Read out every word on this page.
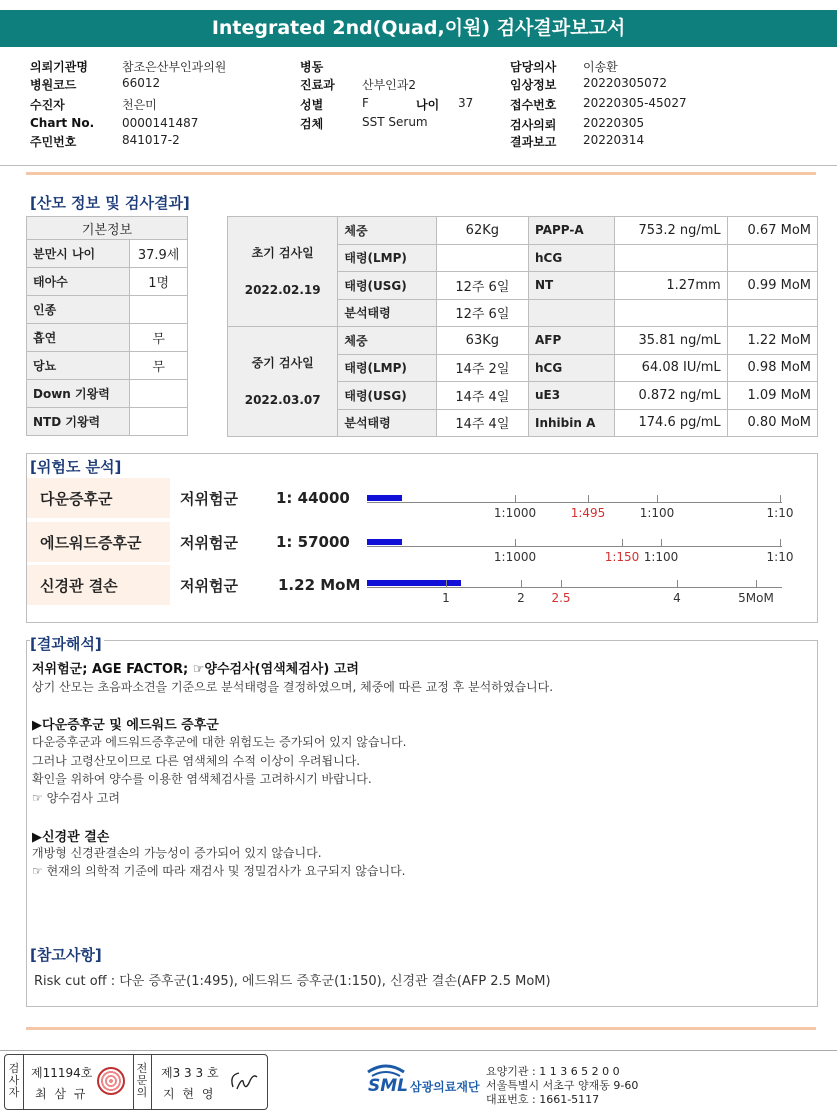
Integrated 2nd(Quad,이원) 검사결과보고서
의뢰기관명	참조은산부인과의원
병원코드	66012
수진자	천은미
Chart No. 0000141487
주민번호	841017-2
병동
진료과 산부인과2
성별	F
검체	SST Serum
나이 37
담당의사 이송환
임상정보 20220305072
접수번호 20220305-45027
검사의뢰 20220305
결과보고 20220314
[산모 정보 및 검사결과]
기본정보	
분만시 나이	37.9세
태아수	1명
인종	
흡연	무
당뇨	무
Down 기왕력	
NTD 기왕력	
초기 검사일
2022.02.19	체중	62Kg	PAPP-A	753.2 ng/mL	0.67 MoM
	태령(LMP)		hCG		
	태령(USG)	12주 6일	NT	1.27mm	0.99 MoM
	분석태령	12주 6일			

중기 검사일
2022.03.07	체중	63Kg	AFP	35.81 ng/mL	1.22 MoM
	태령(LMP)	14주 2일	hCG	64.08 IU/mL	0.98 MoM
	태령(USG)	14주 4일	uE3	0.872 ng/mL	1.09 MoM
	분석태령	14주 4일	Inhibin A	174.6 pg/mL	0.80 MoM
[위험도 분석]
다운증후군	저위험군	1: 44000
1:1000	1:495	1:100	1:10
에드워드증후군	저위험군	1: 57000
1:1000	1:150 1:100	1:10
신경관 결손	저위험군	1.22 MoM
1	2 2.5	4	5MoM
[결과해석]
저위험군; AGE FACTOR; ☞양수검사(염색체검사) 고려
상기 산모는 초음파소견을 기준으로 분석태령을 결정하였으며, 체중에 따른 교정 후 분석하였습니다.
▶다운증후군 및 에드워드 증후군
다운증후군과 에드워드증후군에 대한 위험도는 증가되어 있지 않습니다.
그러나 고령산모이므로 다른 염색체의 수적 이상이 우려됩니다.
확인을 위하여 양수를 이용한 염색체검사를 고려하시기 바랍니다.
☞ 양수검사 고려
▶신경관 결손
개방형 신경관결손의 가능성이 증가되어 있지 않습니다.
☞ 현재의 의학적 기준에 따라 재검사 및 정밀검사가 요구되지 않습니다.
[참고사항]
Risk cut off : 다운 증후군(1:495), 에드워드 증후군(1:150), 신경관 결손(AFP 2.5 MoM)
검사자
제11194호
최 삼 규
전문의
제3 3 3 호
지 현 영	SML 삼광의료재단
요양기관 : 1 1 3 6 5 2 0 0
서울특별시 서초구 양재동 9-60
대표번호 : 1661-5117
